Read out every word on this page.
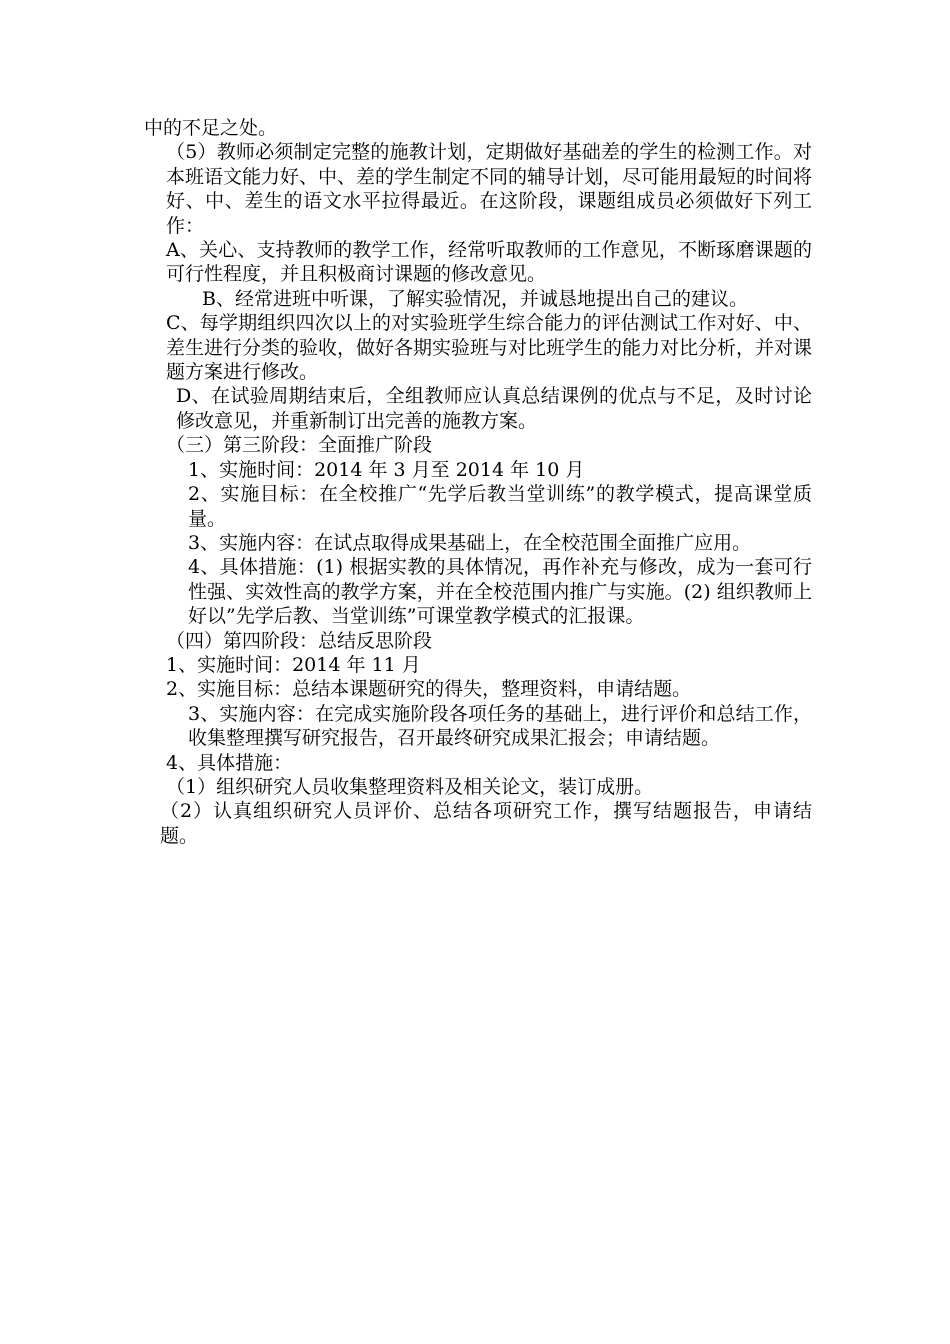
中的不足之处。

（5）教师必须制定完整的施教计划，定期做好基础差的学生的检测工作。对本班语文能力好、中、差的学生制定不同的辅导计划，尽可能用最短的时间将好、中、差生的语文水平拉得最近。在这阶段，课题组成员必须做好下列工作：

A、关心、支持教师的教学工作，经常听取教师的工作意见，不断琢磨课题的可行性程度，并且积极商讨课题的修改意见。

B、经常进班中听课，了解实验情况，并诚恳地提出自己的建议。

C、每学期组织四次以上的对实验班学生综合能力的评估测试工作对好、中、差生进行分类的验收，做好各期实验班与对比班学生的能力对比分析，并对课题方案进行修改。

D、在试验周期结束后，全组教师应认真总结课例的优点与不足，及时讨论修改意见，并重新制订出完善的施教方案。

（三）第三阶段：全面推广阶段

1、实施时间：2014 年 3 月至 2014 年 10 月

2、实施目标：在全校推广“先学后教当堂训练”的教学模式，提高课堂质量。

3、实施内容：在试点取得成果基础上，在全校范围全面推广应用。

4、具体措施：(1) 根据实教的具体情况，再作补充与修改，成为一套可行性强、实效性高的教学方案，并在全校范围内推广与实施。(2) 组织教师上好以”先学后教、当堂训练”可课堂教学模式的汇报课。

（四）第四阶段：总结反思阶段

1、实施时间：2014 年 11 月

2、实施目标：总结本课题研究的得失，整理资料，申请结题。

3、实施内容：在完成实施阶段各项任务的基础上，进行评价和总结工作，收集整理撰写研究报告，召开最终研究成果汇报会；申请结题。

4、具体措施：

（1）组织研究人员收集整理资料及相关论文，装订成册。

（2）认真组织研究人员评价、总结各项研究工作，撰写结题报告，申请结题。
